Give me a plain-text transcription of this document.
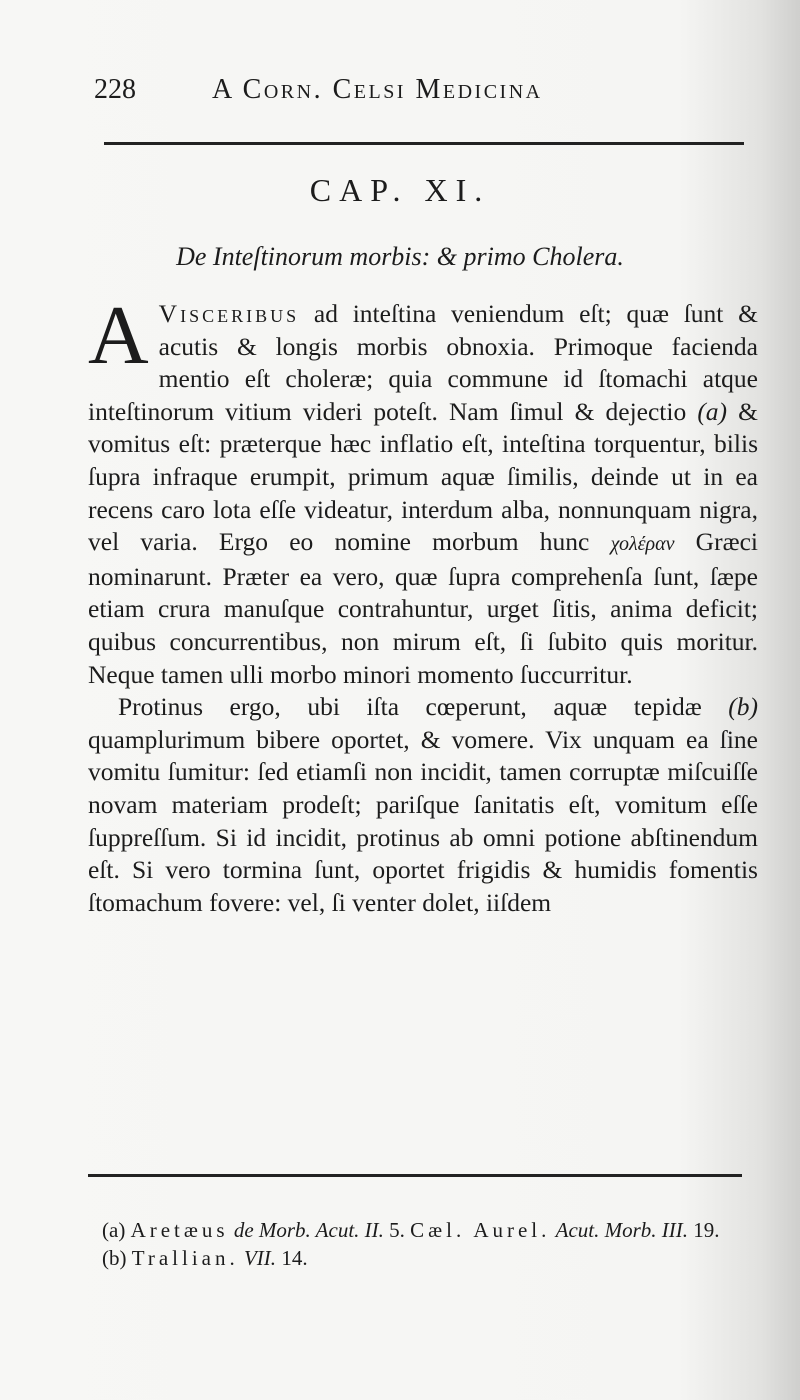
228	A Corn. Celsi Medicina
CAP. XI.
De Inteſtinorum morbis: & primo Cholera.

A Visceribus ad inteſtina veniendum eſt; quæ ſunt & acutis & longis morbis obnoxia. Primoque facienda mentio eſt choleræ; quia commune id ſtomachi atque inteſtinorum vitium videri poteſt. Nam ſimul & dejectio (a) & vomitus eſt: præterque hæc inflatio eſt, inteſtina torquentur, bilis ſupra infraque erumpit, primum aquæ ſimilis, deinde ut in ea recens caro lota eſſe videatur, interdum alba, nonnunquam nigra, vel varia. Ergo eo nomine morbum hunc χολέραν Græci nominarunt. Præter ea vero, quæ ſupra comprehenſa ſunt, ſæpe etiam crura manuſque contrahuntur, urget ſitis, anima deficit; quibus concurrentibus, non mirum eſt, ſi ſubito quis moritur. Neque tamen ulli morbo minori momento ſuccurritur.

Protinus ergo, ubi iſta cœperunt, aquæ tepidæ (b) quamplurimum bibere oportet, & vomere. Vix unquam ea ſine vomitu ſumitur: ſed etiamſi non incidit, tamen corruptæ miſcuiſſe novam materiam prodeſt; pariſque ſanitatis eſt, vomitum eſſe ſuppreſſum. Si id incidit, protinus ab omni potione abſtinendum eſt. Si vero tormina ſunt, oportet frigidis & humidis fomentis ſtomachum fovere: vel, ſi venter dolet, iiſdem

(a) Aretæus de Morb. Acut. II. 5. Cæl. Aurel. Acut. Morb. III. 19.

(b) Trallian. VII. 14.
